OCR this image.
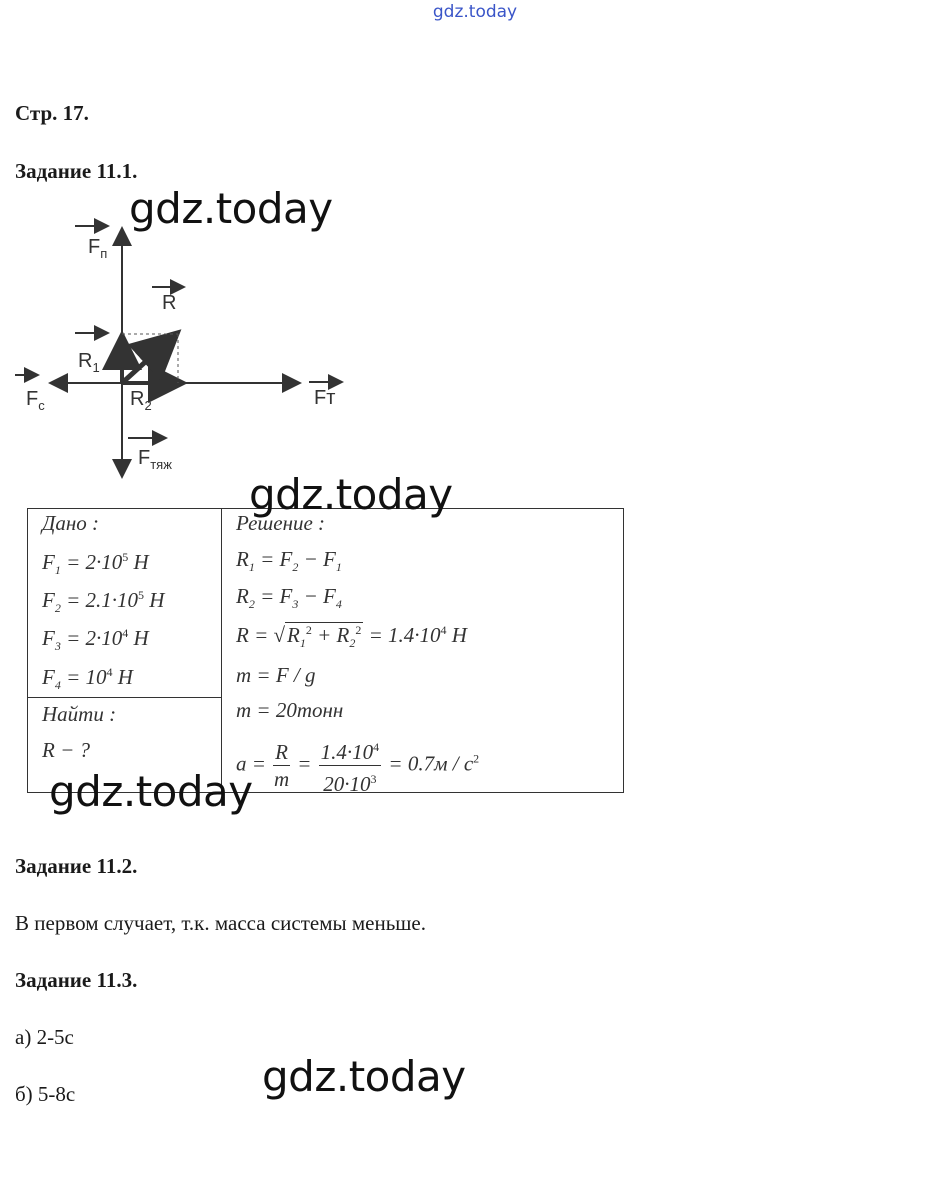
gdz.today
Стр. 17.
Задание 11.1.
$F_п$
R
$R_1$
$F_с$	$R_2$	Fт
$F_{тяж}$
Дано :
$F_1 = 2\cdot 10^5$ H
$F_2 = 2.1\cdot 10^5$ H
$F_3 = 2\cdot 10^4$ H
$F_4 = 10^4$ H
Найти :
R − ?
Решение :
$R_1 = F_2 - F_1$
$R_2 = F_3 - F_4$
$R = √R_1^2 + R_2^2 = 1.4\cdot 10^4$ H
m = F / g
m = 20тонн
$a = \frac{R}{m} = \frac{1.4\cdot 10^4}{20\cdot 10^3} = 0.7м / с^2$
Задание 11.2.
В первом случает, т.к. масса системы меньше.
Задание 11.3.
а) 2-5с
б) 5-8с
gdz.today
gdz.today
gdz.today
gdz.today
